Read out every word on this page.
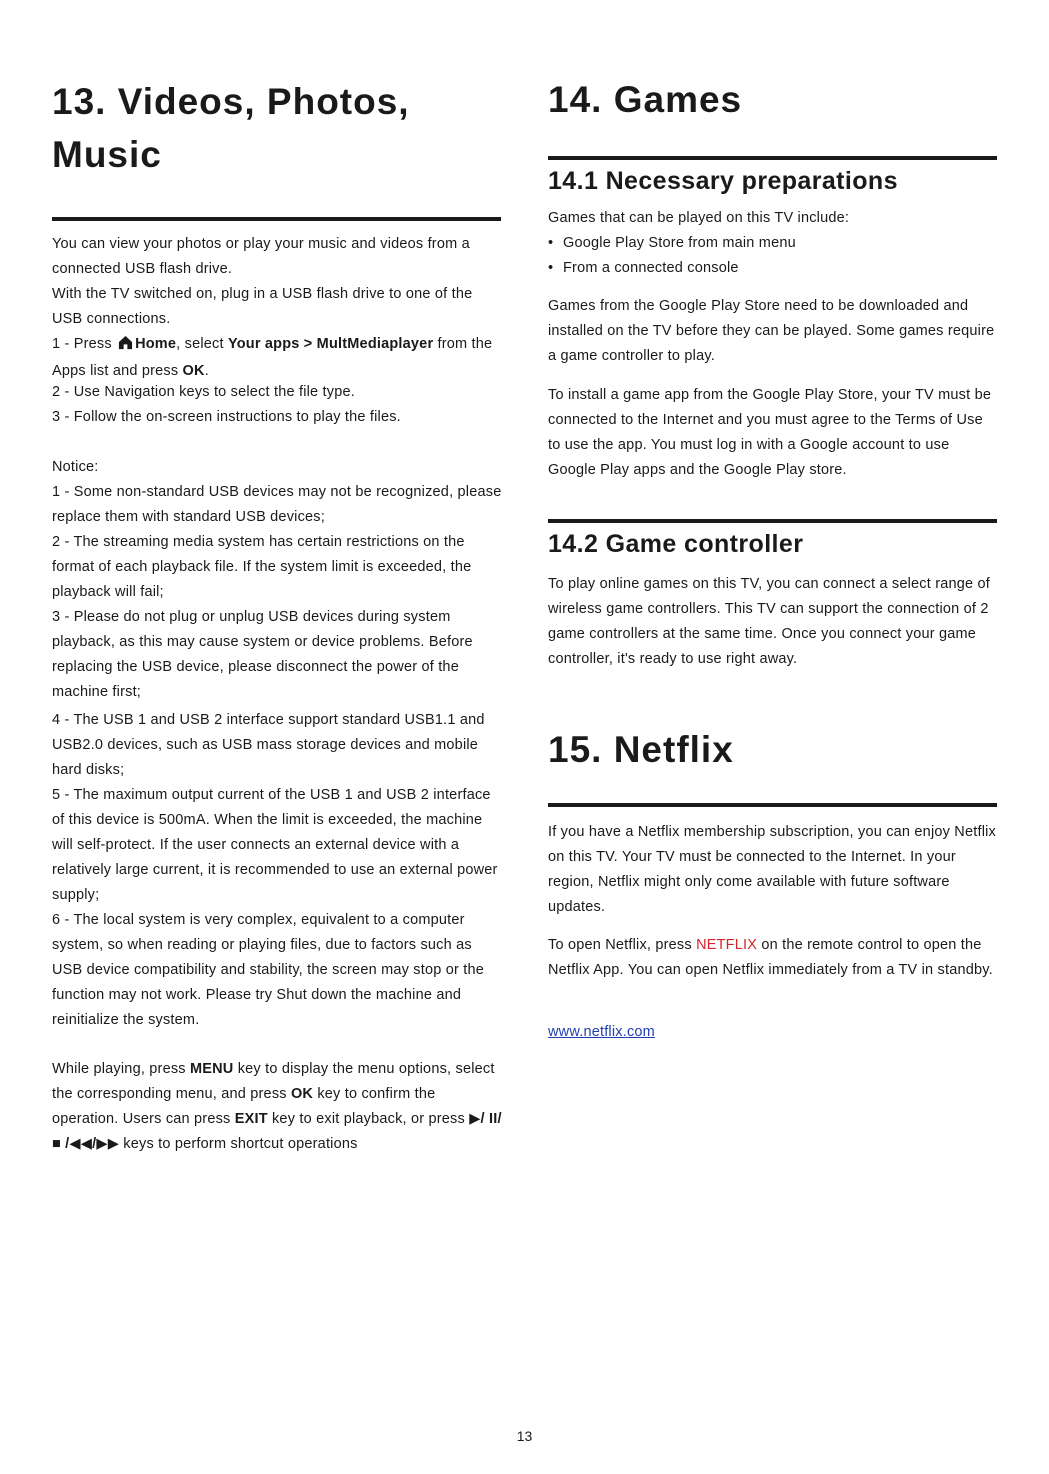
13. Videos, Photos,
Music

You can view your photos or play your music and videos from a connected USB flash drive.

With the TV switched on, plug in a USB flash drive to one of the USB connections.

1 - Press Home, select Your apps > MultMediaplayer from the Apps list and press OK.

2 - Use Navigation keys to select the file type.

3 - Follow the on-screen instructions to play the files.

Notice:

1 - Some non-standard USB devices may not be recognized, please replace them with standard USB devices;

2 - The streaming media system has certain restrictions on the format of each playback file. If the system limit is exceeded, the playback will fail;

3 - Please do not plug or unplug USB devices during system playback, as this may cause system or device problems. Before replacing the USB device, please disconnect the power of the machine first;

4 - The USB 1 and USB 2 interface support standard USB1.1 and USB2.0 devices, such as USB mass storage devices and mobile hard disks;

5 - The maximum output current of the USB 1 and USB 2 interface of this device is 500mA. When the limit is exceeded, the machine will self-protect. If the user connects an external device with a relatively large current, it is recommended to use an external power supply;

6 - The local system is very complex, equivalent to a computer system, so when reading or playing files, due to factors such as USB device compatibility and stability, the screen may stop or the function may not work. Please try Shut down the machine and reinitialize the system.

While playing, press MENU key to display the menu options, select the corresponding menu, and press OK key to confirm the operation. Users can press EXIT key to exit playback, or press ▶/ II/■ /◀◀/▶▶ keys to perform shortcut operations

14. Games
14.1 Necessary preparations

Games that can be played on this TV include:

• Google Play Store from main menu
• From a connected console

Games from the Google Play Store need to be downloaded and installed on the TV before they can be played. Some games require a game controller to play.

To install a game app from the Google Play Store, your TV must be connected to the Internet and you must agree to the Terms of Use to use the app. You must log in with a Google account to use Google Play apps and the Google Play store.

14.2 Game controller

To play online games on this TV, you can connect a select range of wireless game controllers. This TV can support the connection of 2 game controllers at the same time. Once you connect your game controller, it's ready to use right away.

15. Netflix

If you have a Netflix membership subscription, you can enjoy Netflix on this TV. Your TV must be connected to the Internet. In your region, Netflix might only come available with future software updates.

To open Netflix, press NETFLIX on the remote control to open the Netflix App. You can open Netflix immediately from a TV in standby.

www.netflix.com

13
